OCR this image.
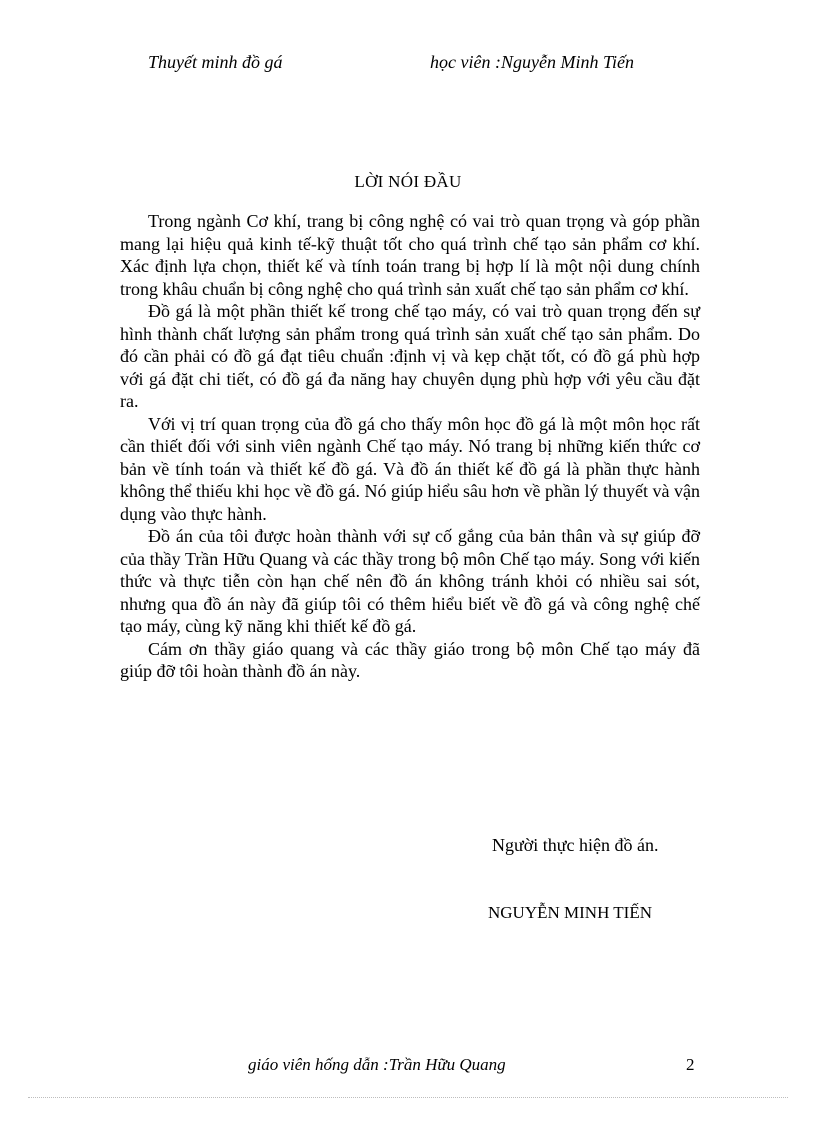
Thuyết minh đồ gá	học viên :Nguyễn Minh Tiến
LỜI NÓI ĐẦU

Trong ngành Cơ khí, trang bị công nghệ có vai trò quan trọng và góp phần mang lại hiệu quả kinh tế-kỹ thuật tốt cho quá trình chế tạo sản phẩm cơ khí. Xác định lựa chọn, thiết kế và tính toán trang bị hợp lí là một nội dung chính trong khâu chuẩn bị công nghệ cho quá trình sản xuất chế tạo sản phẩm cơ khí.

Đồ gá là một phần thiết kế trong chế tạo máy, có vai trò quan trọng đến sự hình thành chất lượng sản phẩm trong quá trình sản xuất chế tạo sản phẩm. Do đó cần phải có đồ gá đạt tiêu chuẩn :định vị và kẹp chặt tốt, có đồ gá phù hợp với gá đặt chi tiết, có đồ gá đa năng hay chuyên dụng phù hợp với yêu cầu đặt ra.

Với vị trí quan trọng của đồ gá cho thấy môn học đồ gá là một môn học rất cần thiết đối với sinh viên ngành Chế tạo máy. Nó trang bị những kiến thức cơ bản về tính toán và thiết kế đồ gá. Và đồ án thiết kế đồ gá là phần thực hành không thể thiếu khi học về đồ gá. Nó giúp hiểu sâu hơn về phần lý thuyết và vận dụng vào thực hành.

Đồ án của tôi được hoàn thành với sự cố gắng của bản thân và sự giúp đỡ của thầy Trần Hữu Quang và các thầy trong bộ môn Chế tạo máy. Song với kiến thức và thực tiễn còn hạn chế nên đồ án không tránh khỏi có nhiều sai sót, nhưng qua đồ án này đã giúp tôi có thêm hiểu biết về đồ gá và công nghệ chế tạo máy, cùng kỹ năng khi thiết kế đồ gá.

Cám ơn thầy giáo quang và các thầy giáo trong bộ môn Chế tạo máy đã giúp đỡ tôi hoàn thành đồ án này.

Người thực hiện đồ án.
NGUYỄN MINH TIẾN
giáo viên hống dẫn :Trần Hữu Quang	2
